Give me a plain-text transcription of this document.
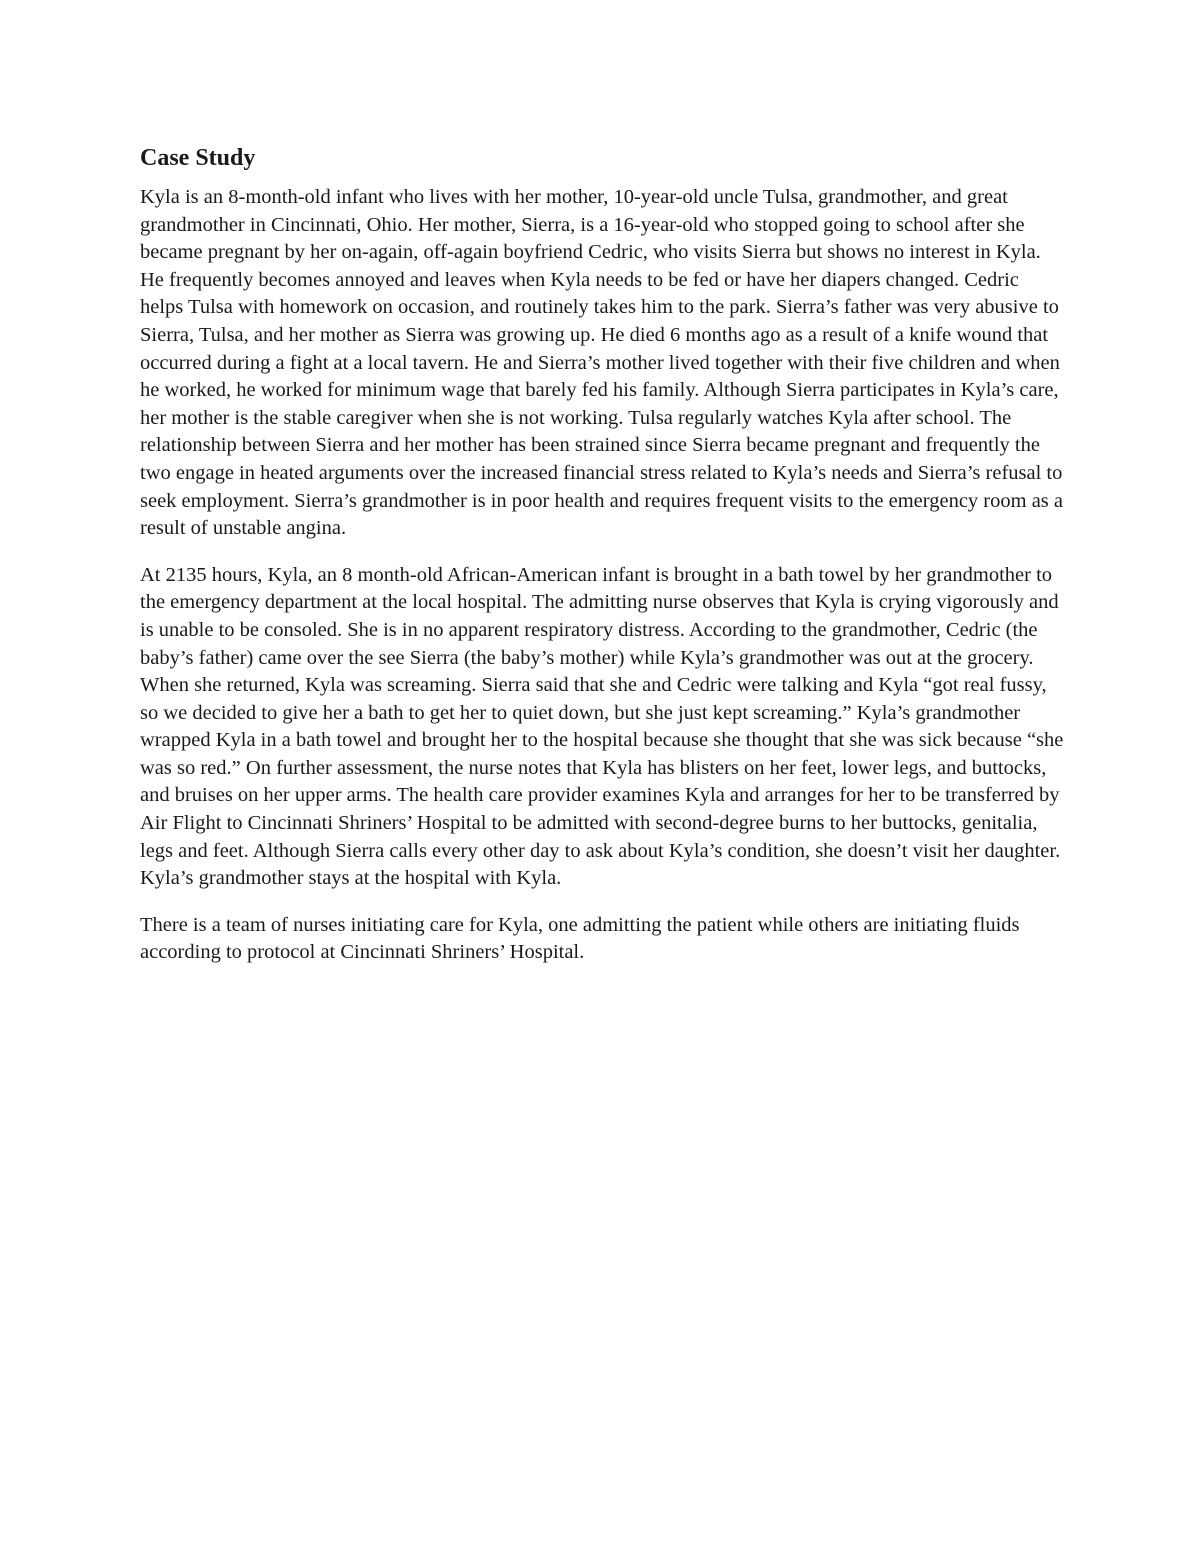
Case Study

Kyla is an 8-month-old infant who lives with her mother, 10-year-old uncle Tulsa, grandmother, and great grandmother in Cincinnati, Ohio. Her mother, Sierra, is a 16-year-old who stopped going to school after she became pregnant by her on-again, off-again boyfriend Cedric, who visits Sierra but shows no interest in Kyla. He frequently becomes annoyed and leaves when Kyla needs to be fed or have her diapers changed. Cedric helps Tulsa with homework on occasion, and routinely takes him to the park. Sierra’s father was very abusive to Sierra, Tulsa, and her mother as Sierra was growing up. He died 6 months ago as a result of a knife wound that occurred during a fight at a local tavern. He and Sierra’s mother lived together with their five children and when he worked, he worked for minimum wage that barely fed his family. Although Sierra participates in Kyla’s care, her mother is the stable caregiver when she is not working. Tulsa regularly watches Kyla after school. The relationship between Sierra and her mother has been strained since Sierra became pregnant and frequently the two engage in heated arguments over the increased financial stress related to Kyla’s needs and Sierra’s refusal to seek employment. Sierra’s grandmother is in poor health and requires frequent visits to the emergency room as a result of unstable angina.

At 2135 hours, Kyla, an 8 month-old African-American infant is brought in a bath towel by her grandmother to the emergency department at the local hospital. The admitting nurse observes that Kyla is crying vigorously and is unable to be consoled. She is in no apparent respiratory distress. According to the grandmother, Cedric (the baby’s father) came over the see Sierra (the baby’s mother) while Kyla’s grandmother was out at the grocery. When she returned, Kyla was screaming. Sierra said that she and Cedric were talking and Kyla “got real fussy, so we decided to give her a bath to get her to quiet down, but she just kept screaming.” Kyla’s grandmother wrapped Kyla in a bath towel and brought her to the hospital because she thought that she was sick because “she was so red.” On further assessment, the nurse notes that Kyla has blisters on her feet, lower legs, and buttocks, and bruises on her upper arms. The health care provider examines Kyla and arranges for her to be transferred by Air Flight to Cincinnati Shriners’ Hospital to be admitted with second-degree burns to her buttocks, genitalia, legs and feet. Although Sierra calls every other day to ask about Kyla’s condition, she doesn’t visit her daughter. Kyla’s grandmother stays at the hospital with Kyla.

There is a team of nurses initiating care for Kyla, one admitting the patient while others are initiating fluids according to protocol at Cincinnati Shriners’ Hospital.
